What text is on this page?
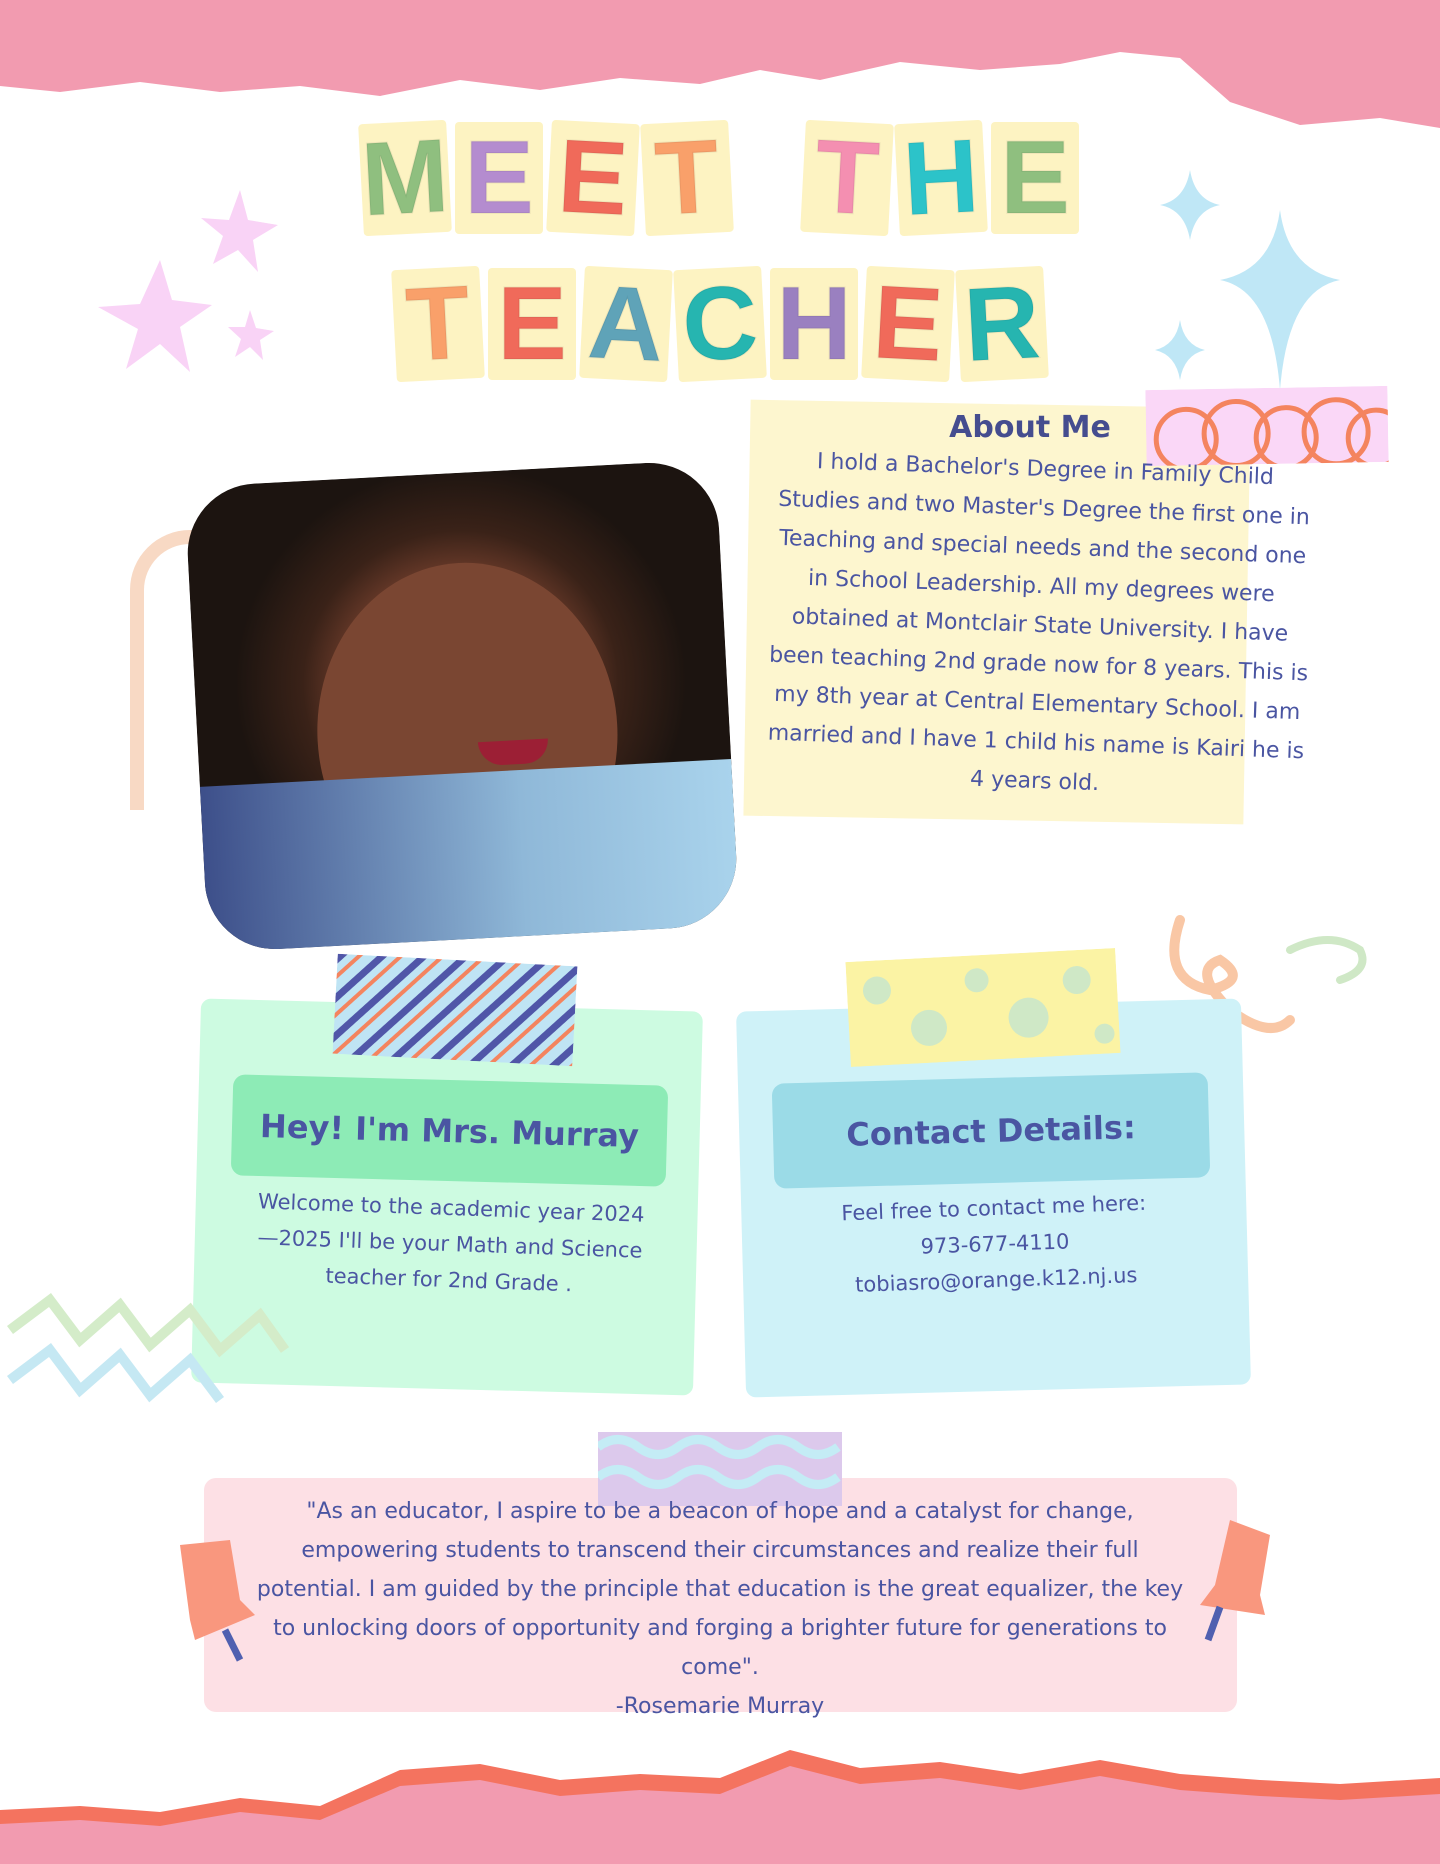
M E E T T H E
T E A C H E R
About Me
I hold a Bachelor's Degree in Family Child Studies and two Master's Degree the first one in Teaching and special needs and the second one in School Leadership. All my degrees were obtained at Montclair State University. I have been teaching 2nd grade now for 8 years. This is my 8th year at Central Elementary School. I am married and I have 1 child his name is Kairi he is 4 years old.
Hey! I'm Mrs. Murray
Welcome to the academic year 2024—2025 I'll be your Math and Science teacher for 2nd Grade .
Contact Details:
Feel free to contact me here:
973-677-4110
tobiasro@orange.k12.nj.us
"As an educator, I aspire to be a beacon of hope and a catalyst for change, empowering students to transcend their circumstances and realize their full potential. I am guided by the principle that education is the great equalizer, the key to unlocking doors of opportunity and forging a brighter future for generations to come".
-Rosemarie Murray
